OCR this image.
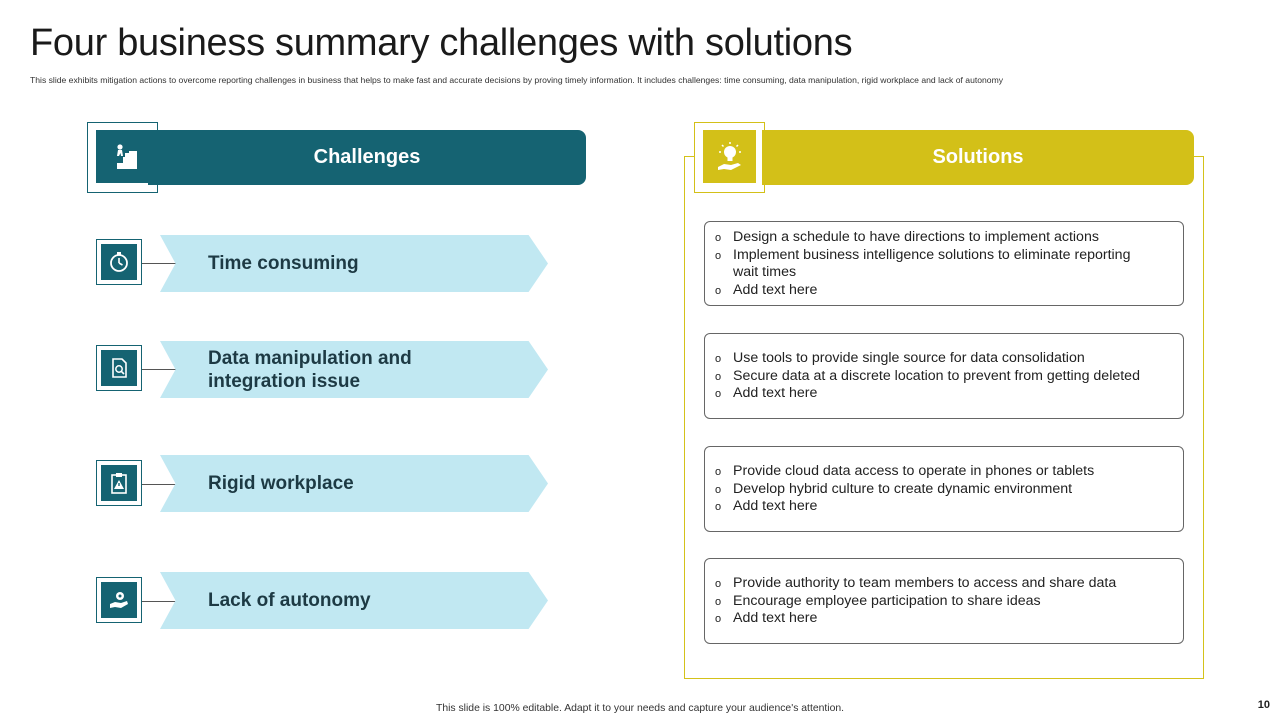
Four business summary challenges with solutions
This slide exhibits mitigation actions to overcome reporting challenges in business that helps to make fast and accurate decisions by proving timely information. It includes challenges: time consuming, data manipulation, rigid workplace and lack of autonomy
Challenges
Time consuming
Data manipulation and
integration issue
Rigid workplace
Lack of autonomy
Solutions
o Design a schedule to have directions to implement actions
o Implement business intelligence solutions to eliminate reporting wait times
o Add text here
o Use tools to provide single source for data consolidation
o Secure data at a discrete location to prevent from getting deleted
o Add text here
o Provide cloud data access to operate in phones or tablets
o Develop hybrid culture to create dynamic environment
o Add text here
o Provide authority to team members to access and share data
o Encourage employee participation to share ideas
o Add text here
This slide is 100% editable. Adapt it to your needs and capture your audience's attention.	10
